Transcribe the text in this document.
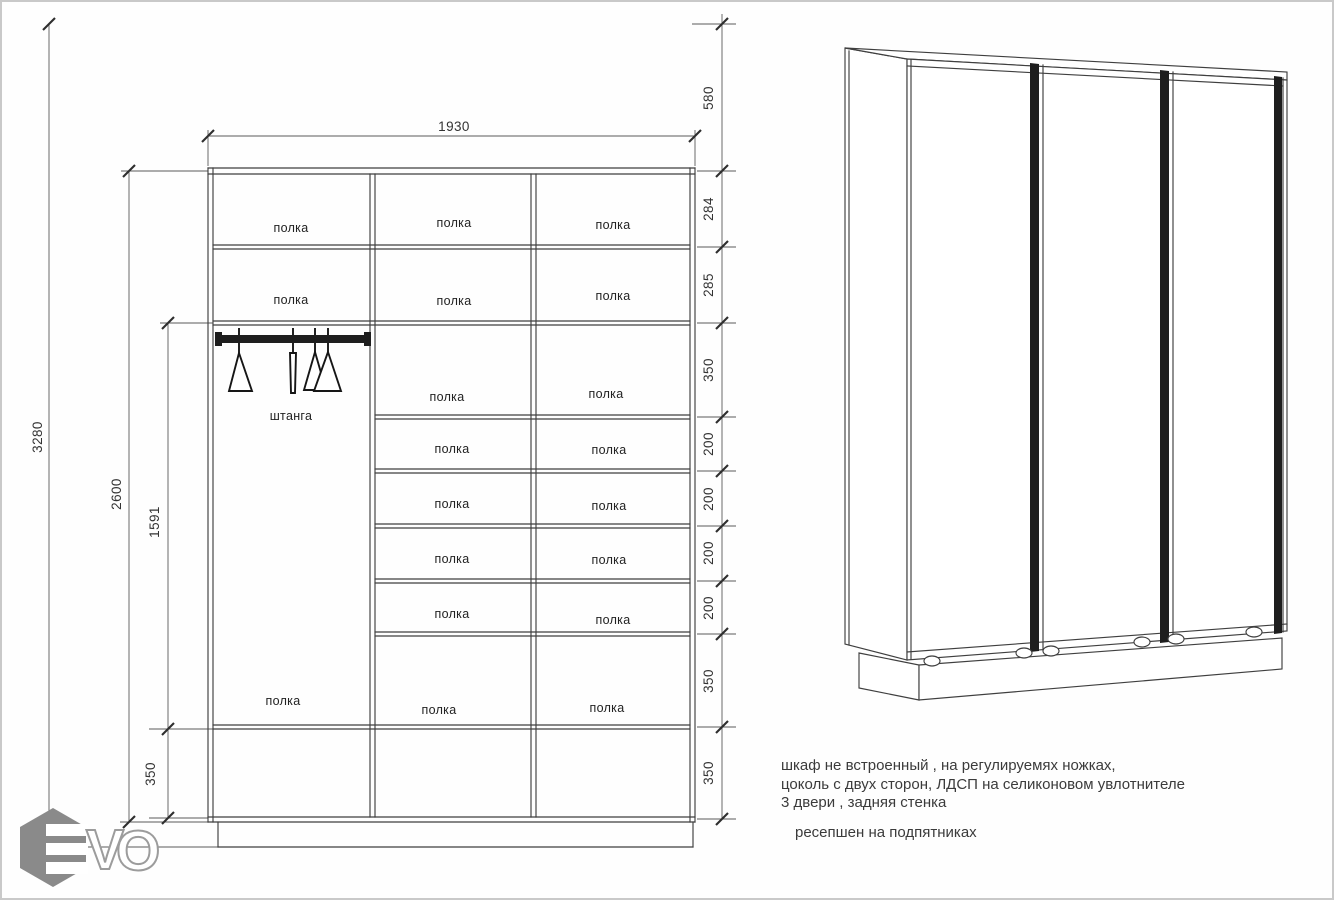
1930
3280
2600
1591
350
580
284
285
350
200
200
200
200
350
350
полка
полка
штанга
полка
полка
полка
полка
полка
полка
полка
полка
полка
полка
полка
полка
полка
полка
полка
полка
полка
V
O
шкаф не встроенный , на регулируемях ножках,
цоколь с двух сторон, ЛДСП на селиконовом увлотнителе
3 двери , задняя стенка
ресепшен на подпятниках
